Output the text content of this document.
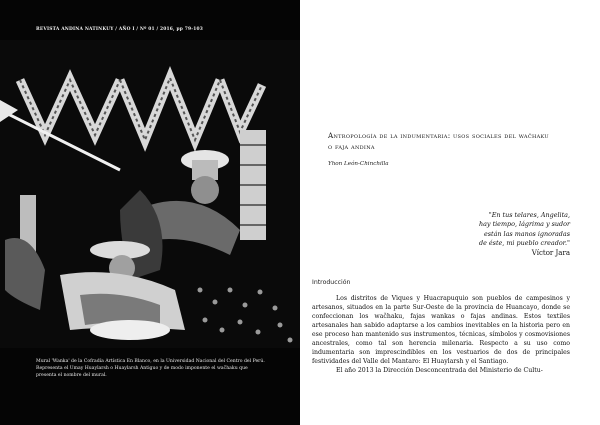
REVISTA ANDINA NATINKUY / AÑO I / Nº 01 / 2016, pp 79-103
Mural 'Wanka' de la Cofradía Artística En Blanco, en la Universidad Nacional del Centro del Perú. Representa el Umay Huaylarsh o Huaylarsh Antiguo y de modo imponente el wačhaku que presenta el nombre del mural.
Antropología de la indumentaria: usos sociales del wačhaku
o faja andina
Yhon León-Chinchilla
"En tus telares, Angelita,
hay tiempo, lágrima y sudor
están las manos ignoradas
de éste, mi pueblo creador."
Víctor Jara
Introducción

Los distritos de Viques y Huacrapuquio son pueblos de campesinos y artesanos, situados en la parte Sur-Oeste de la provincia de Huancayo, donde se confeccionan los wačhaku, fajas wankas o fajas andinas. Estos textiles artesanales han sabido adaptarse a los cambios inevitables en la historia pero en ese proceso han mantenido sus instrumentos, técnicas, símbolos y cosmovisiones ancestrales, como tal son herencia milenaria. Respecto a su uso como indumentaria son imprescindibles en los vestuarios de dos de principales festividades del Valle del Mantaro: El Huaylarsh y el Santiago.

El año 2013 la Dirección Desconcentrada del Ministerio de Cultu-
